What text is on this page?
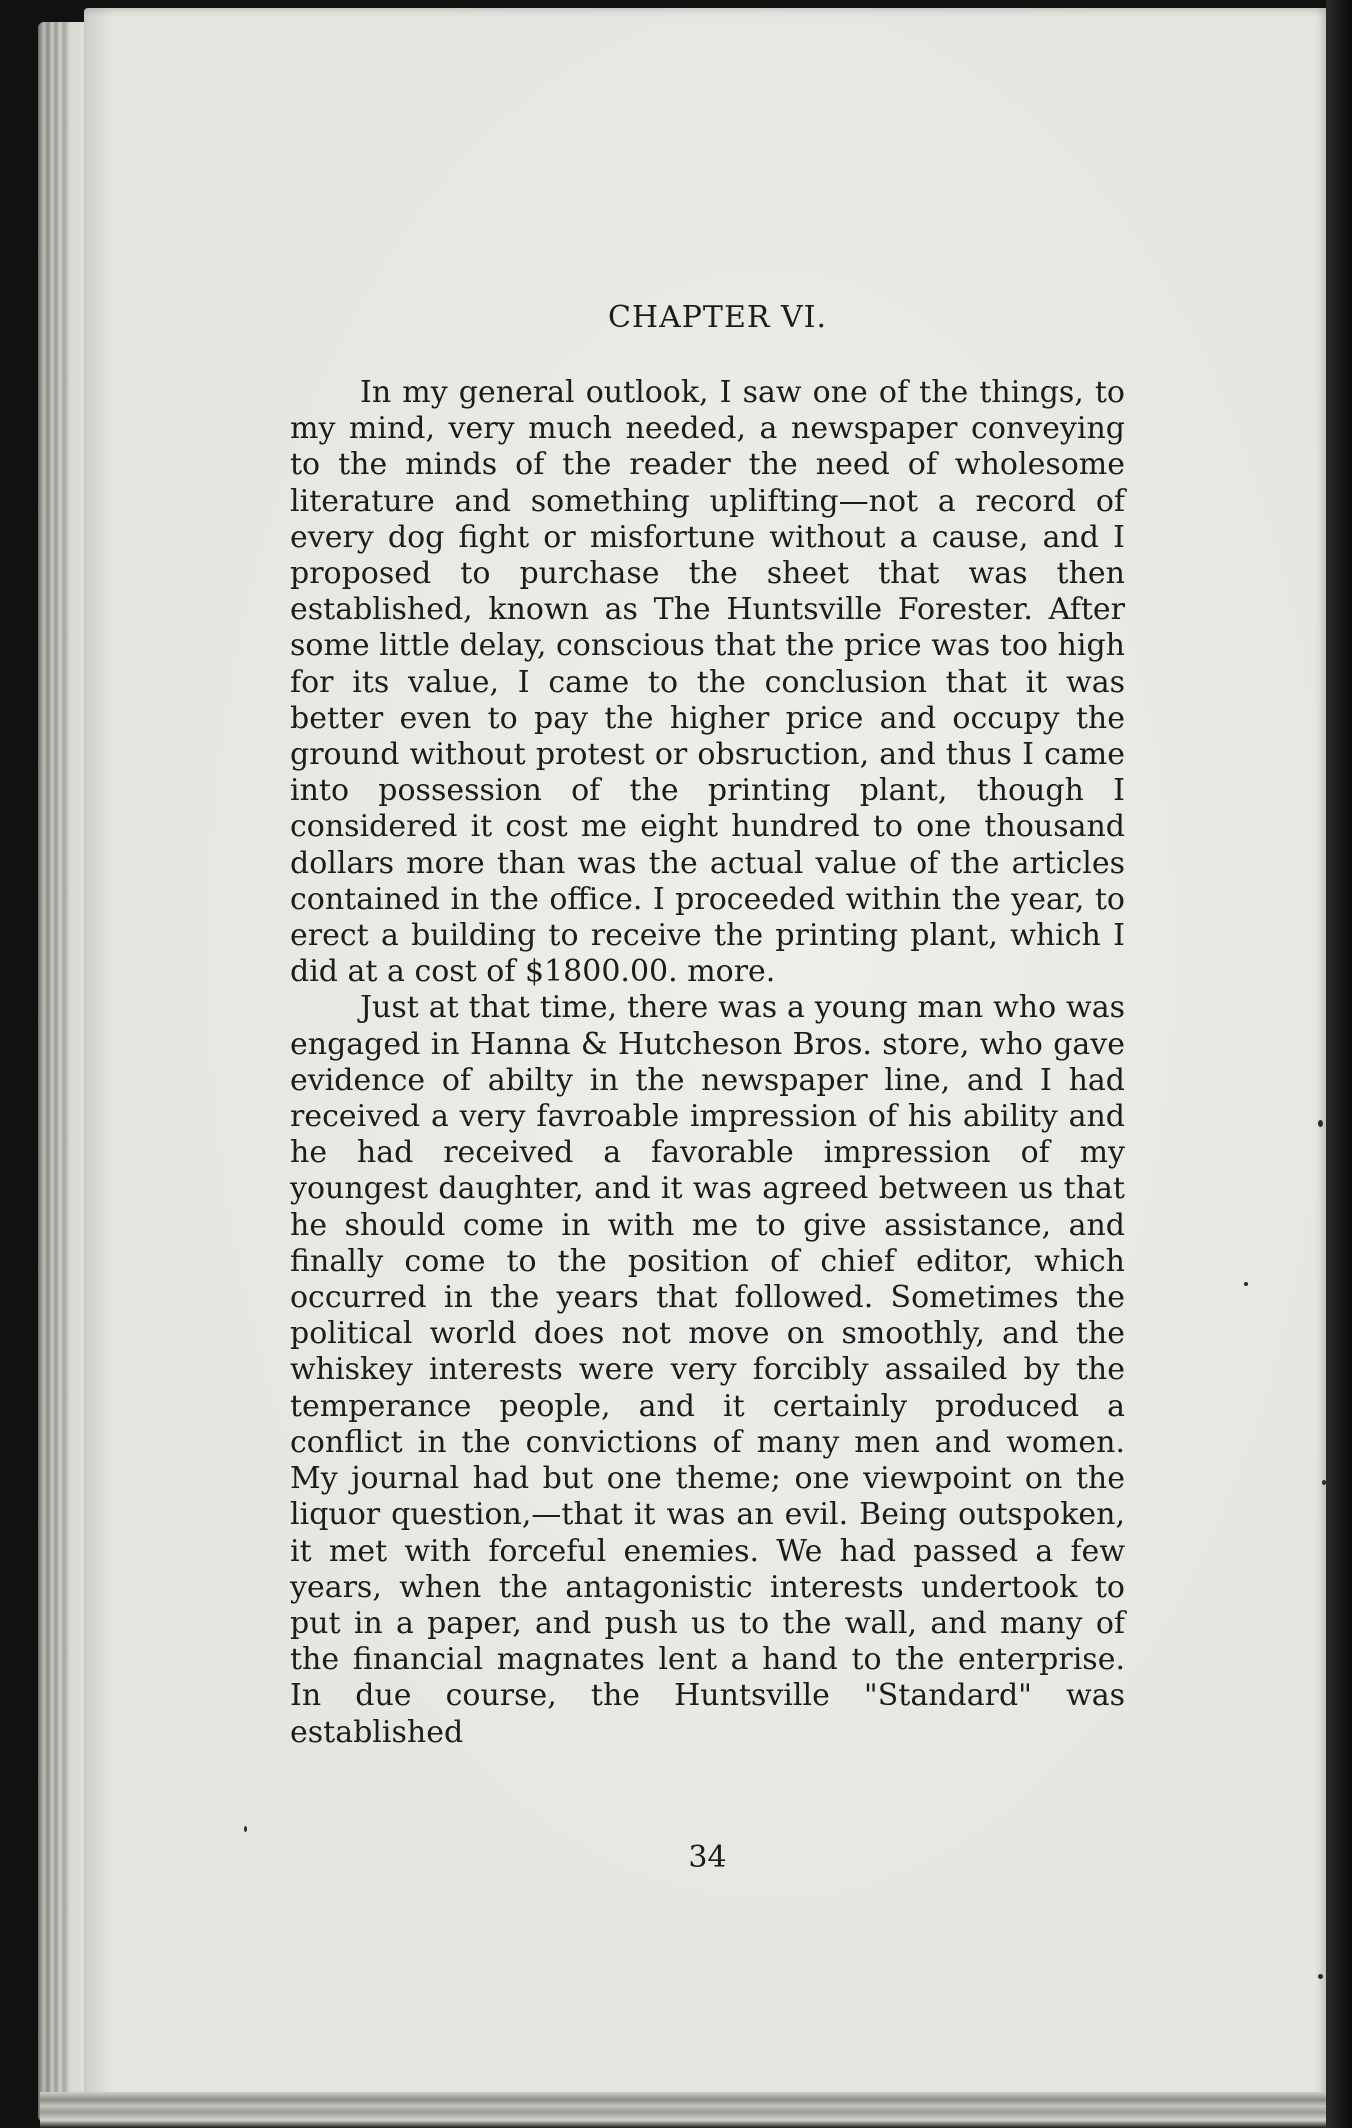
CHAPTER VI.

In my general outlook, I saw one of the things, to my mind, very much needed, a newspaper conveying to the minds of the reader the need of wholesome literature and something uplifting—not a record of every dog fight or misfortune without a cause, and I proposed to purchase the sheet that was then established, known as The Huntsville Forester. After some little delay, conscious that the price was too high for its value, I came to the conclusion that it was better even to pay the higher price and occupy the ground without protest or obsruction, and thus I came into possession of the printing plant, though I considered it cost me eight hundred to one thousand dollars more than was the actual value of the articles contained in the office. I proceeded within the year, to erect a building to receive the printing plant, which I did at a cost of $1800.00. more.

Just at that time, there was a young man who was engaged in Hanna & Hutcheson Bros. store, who gave evidence of abilty in the newspaper line, and I had received a very favroable impression of his ability and he had received a favorable impression of my youngest daughter, and it was agreed between us that he should come in with me to give assistance, and finally come to the position of chief editor, which occurred in the years that followed. Sometimes the political world does not move on smoothly, and the whiskey interests were very forcibly assailed by the temperance people, and it certainly produced a conflict in the convictions of many men and women. My journal had but one theme; one viewpoint on the liquor question,—that it was an evil. Being outspoken, it met with forceful enemies. We had passed a few years, when the antagonistic interests undertook to put in a paper, and push us to the wall, and many of the financial magnates lent a hand to the enterprise. In due course, the Huntsville "Standard" was established

34
